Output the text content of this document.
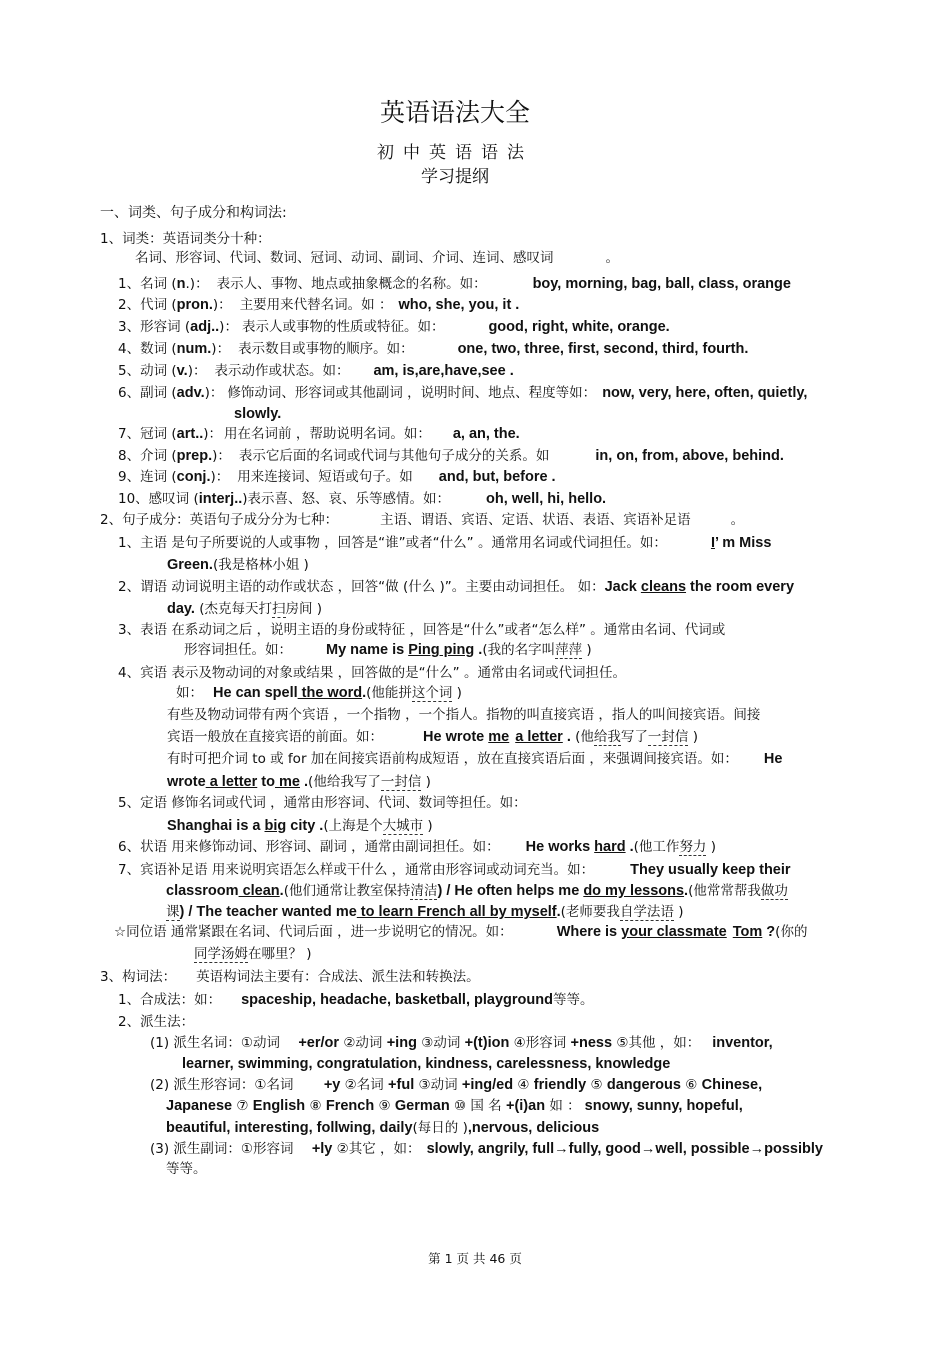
英语语法大全
初中英语语法
学习提纲
一、词类、句子成分和构词法:
1、词类：英语词类分十种：
名词、形容词、代词、数词、冠词、动词、副词、介词、连词、感叹词	。
1、名词 (n.)： 表示人、事物、地点或抽象概念的名称。如：	boy, morning, bag, ball, class, orange
2、代词 (pron.)： 主要用来代替名词。如 ： who, she, you, it .
3、形容词 (adj..)： 表示人或事物的性质或特征。如：	good, right, white, orange.
4、数词 (num.)： 表示数目或事物的顺序。如：	one, two, three, first, second, third, fourth.
5、动词 (v.)： 表示动作或状态。如： am, is,are,have,see .
6、副词 (adv.)： 修饰动词、形容词或其他副词 ，说明时间、地点、程度等如： now, very, here, often, quietly,
slowly.
7、冠词 (art..)： 用在名词前 ，帮助说明名词。如： a, an, the.
8、介词 (prep.)： 表示它后面的名词或代词与其他句子成分的关系。如	in, on, from, above, behind.
9、连词 (conj.)： 用来连接词、短语或句子。如 and, but, before .
10、感叹词 (interj..)表示喜、怒、哀、乐等感情。如： oh, well, hi, hello.
2、句子成分：英语句子成分分为七种：	主语、谓语、宾语、定语、状语、表语、宾语补足语	。
1、主语 是句子所要说的人或事物 ，回答是“谁”或者“什么” 。通常用名词或代词担任。如：	I’ m Miss
Green.(我是格林小姐 )
2、谓语 动词说明主语的动作或状态 ，回答“做 (什么 )”。主要由动词担任。 如：Jack cleans the room every
day. (杰克每天打扫房间 )
3、表语 在系动词之后 ，说明主语的身份或特征 ，回答是“什么”或者“怎么样” 。通常由名词、代词或
形容词担任。如： My name is Ping ping .(我的名字叫萍萍 )
4、宾语 表示及物动词的对象或结果 ，回答做的是“什么” 。通常由名词或代词担任。
如： He can spell the word.(他能拼这个词 )
有些及物动词带有两个宾语 ，一个指物 ，一个指人。指物的叫直接宾语 ，指人的叫间接宾语。间接
宾语一般放在直接宾语的前面。如：	He wrote me a letter . (他给我写了一封信 )
有时可把介词 to 或 for 加在间接宾语前构成短语 ，放在直接宾语后面 ，来强调间接宾语。如： He
wrote a letter to me .(他给我写了一封信 )
5、定语 修饰名词或代词 ，通常由形容词、代词、数词等担任。如：
Shanghai is a big city .(上海是个大城市 )
6、状语 用来修饰动词、形容词、副词 ，通常由副词担任。如： He works hard .(他工作努力 )
7、宾语补足语 用来说明宾语怎么样或干什么 ，通常由形容词或动词充当。如： They usually keep their
classroom clean.(他们通常让教室保持清洁) / He often helps me do my lessons.(他常常帮我做功
课) / The teacher wanted me to learn French all by myself.(老师要我自学法语 )
☆同位语 通常紧跟在名词、代词后面 ，进一步说明它的情况。如：	Where is your classmate Tom ?(你的
同学汤姆在哪里？ )
3、构词法： 英语构词法主要有：合成法、派生法和转换法。
1、合成法：如： spaceship, headache, basketball, playground等等。
2、派生法：
(1) 派生名词：①动词 +er/or ②动词 +ing ③动词 +(t)ion ④形容词 +ness ⑤其他 ，如： inventor,
learner, swimming, congratulation, kindness, carelessness, knowledge
(2) 派生形容词：①名词 +y ②名词 +ful ③动词 +ing/ed ④ friendly ⑤ dangerous ⑥ Chinese,
Japanese ⑦ English ⑧ French ⑨ German ⑩ 国 名 +(i)an 如 ： snowy, sunny, hopeful,
beautiful, interesting, follwing, daily(每日的 ),nervous, delicious
(3) 派生副词：①形容词 +ly ②其它 ，如： slowly, angrily, full→fully, good→well, possible→possibly
等等。
第 1 页 共 46 页
